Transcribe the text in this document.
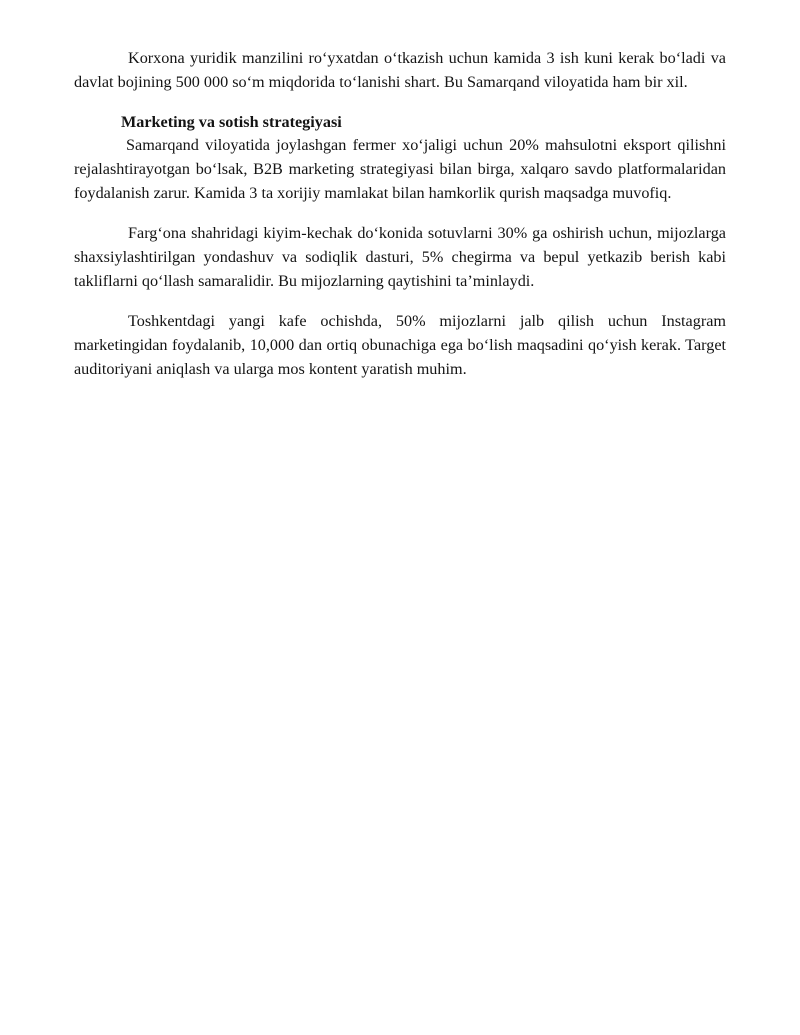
Korxona yuridik manzilini ro‘yxatdan o‘tkazish uchun kamida 3 ish kuni kerak bo‘ladi va davlat bojining 500 000 so‘m miqdorida to‘lanishi shart. Bu Samarqand viloyatida ham bir xil.

Marketing va sotish strategiyasi

Samarqand viloyatida joylashgan fermer xo‘jaligi uchun 20% mahsulotni eksport qilishni rejalashtirayotgan bo‘lsak, B2B marketing strategiyasi bilan birga, xalqaro savdo platformalaridan foydalanish zarur. Kamida 3 ta xorijiy mamlakat bilan hamkorlik qurish maqsadga muvofiq.

Farg‘ona shahridagi kiyim-kechak do‘konida sotuvlarni 30% ga oshirish uchun, mijozlarga shaxsiylashtirilgan yondashuv va sodiqlik dasturi, 5% chegirma va bepul yetkazib berish kabi takliflarni qo‘llash samaralidir. Bu mijozlarning qaytishini ta’minlaydi.

Toshkentdagi yangi kafe ochishda, 50% mijozlarni jalb qilish uchun Instagram marketingidan foydalanib, 10,000 dan ortiq obunachiga ega bo‘lish maqsadini qo‘yish kerak. Target auditoriyani aniqlash va ularga mos kontent yaratish muhim.
